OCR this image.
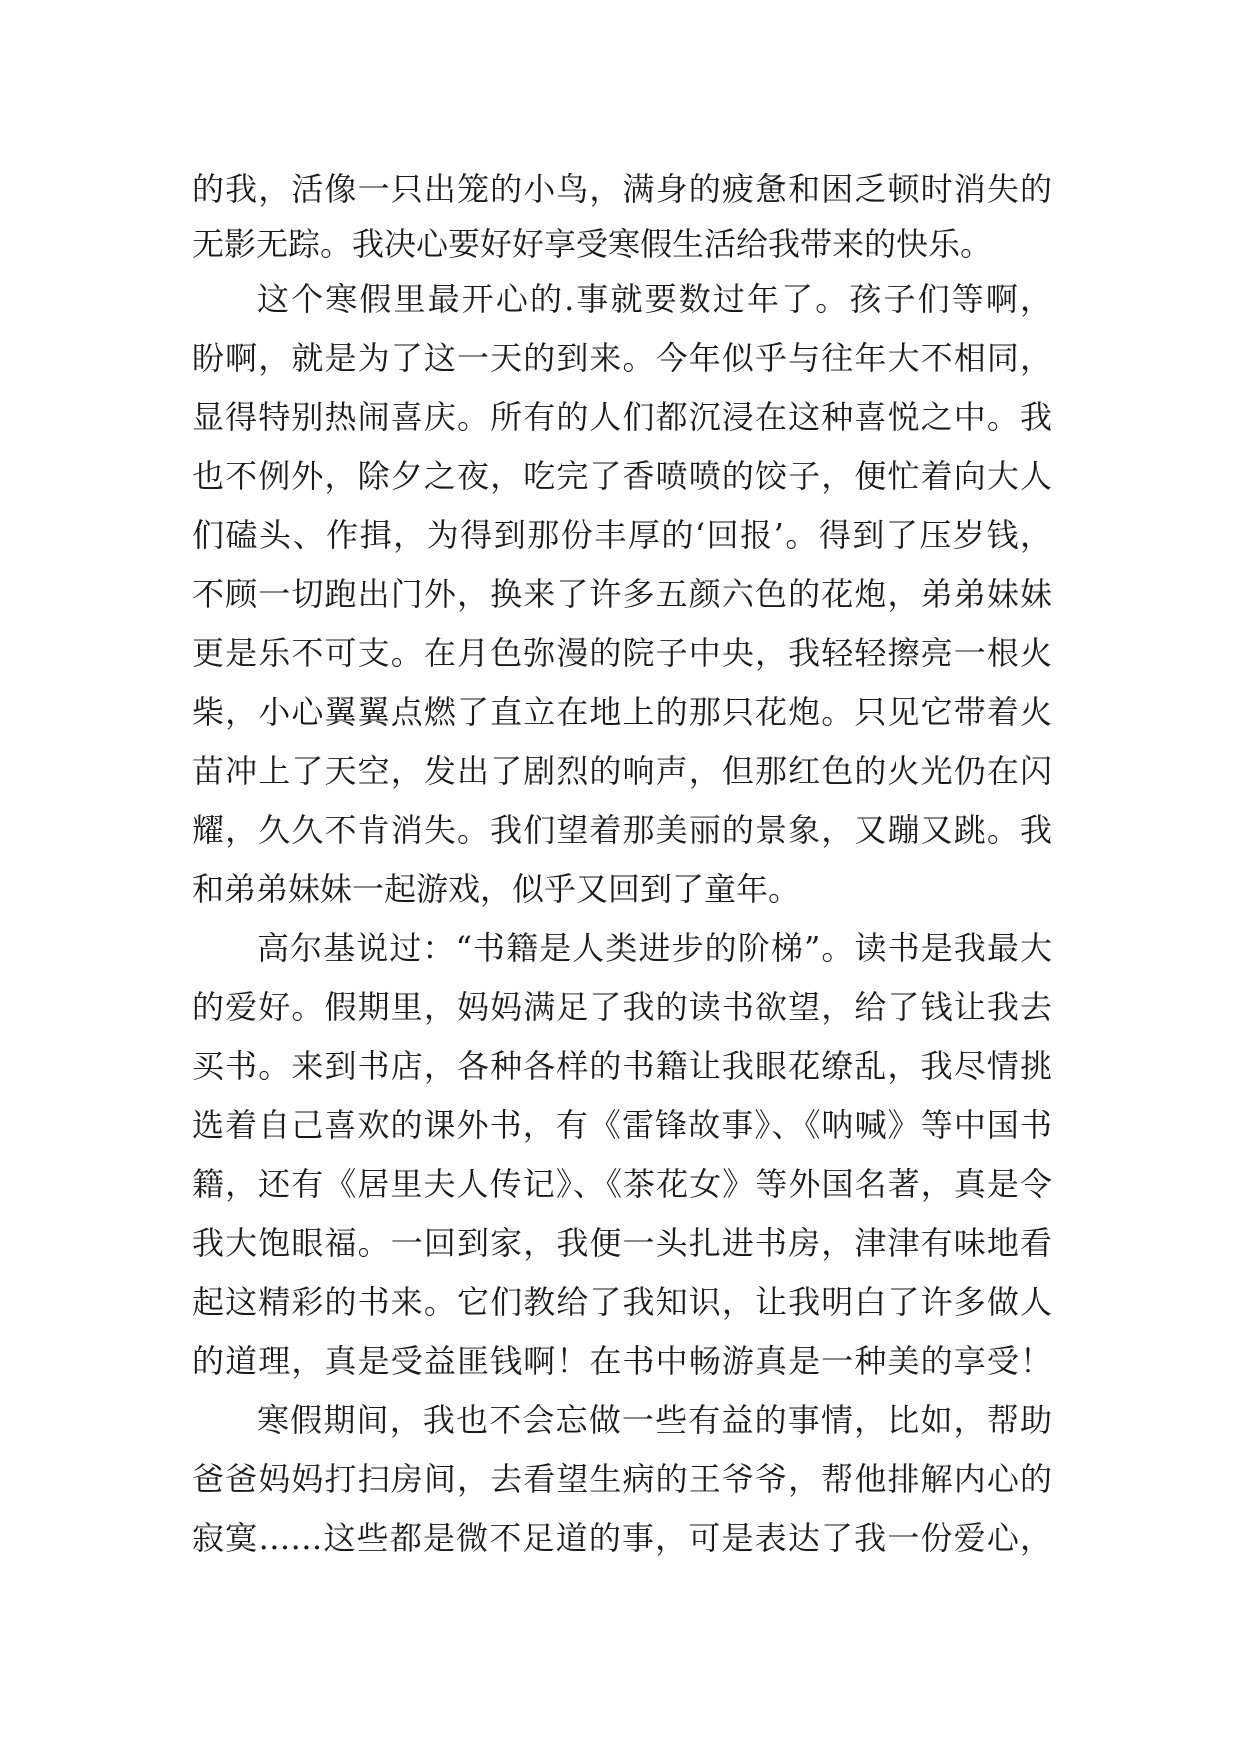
的我，活像一只出笼的小鸟，满身的疲惫和困乏顿时消失的
无影无踪。我决心要好好享受寒假生活给我带来的快乐。
这个寒假里最开心的.事就要数过年了。孩子们等啊，
盼啊，就是为了这一天的到来。今年似乎与往年大不相同，
显得特别热闹喜庆。所有的人们都沉浸在这种喜悦之中。我
也不例外，除夕之夜，吃完了香喷喷的饺子，便忙着向大人
们磕头、作揖，为得到那份丰厚的‘回报’。得到了压岁钱，
不顾一切跑出门外，换来了许多五颜六色的花炮，弟弟妹妹
更是乐不可支。在月色弥漫的院子中央，我轻轻擦亮一根火
柴，小心翼翼点燃了直立在地上的那只花炮。只见它带着火
苗冲上了天空，发出了剧烈的响声，但那红色的火光仍在闪
耀，久久不肯消失。我们望着那美丽的景象，又蹦又跳。我
和弟弟妹妹一起游戏，似乎又回到了童年。
高尔基说过：“书籍是人类进步的阶梯”。读书是我最大
的爱好。假期里，妈妈满足了我的读书欲望，给了钱让我去
买书。来到书店，各种各样的书籍让我眼花缭乱，我尽情挑
选着自己喜欢的课外书，有《雷锋故事》、《呐喊》等中国书
籍，还有《居里夫人传记》、《茶花女》等外国名著，真是令
我大饱眼福。一回到家，我便一头扎进书房，津津有味地看
起这精彩的书来。它们教给了我知识，让我明白了许多做人
的道理，真是受益匪钱啊！在书中畅游真是一种美的享受！
寒假期间，我也不会忘做一些有益的事情，比如，帮助
爸爸妈妈打扫房间，去看望生病的王爷爷，帮他排解内心的
寂寞……这些都是微不足道的事，可是表达了我一份爱心，
